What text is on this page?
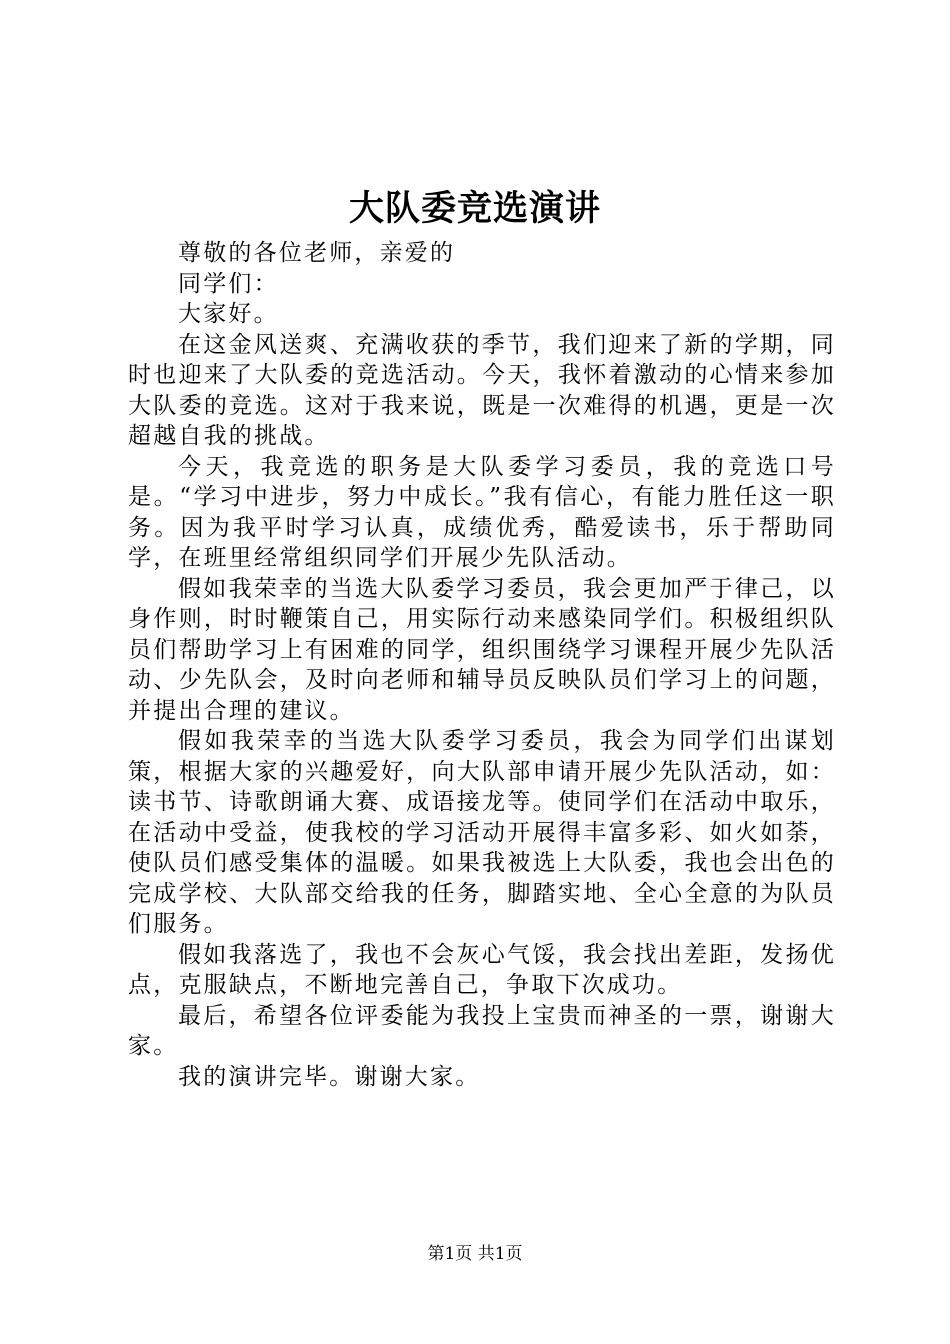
大队委竞选演讲

尊敬的各位老师，亲爱的

同学们：

大家好。

在这金风送爽、充满收获的季节，我们迎来了新的学期，同时也迎来了大队委的竞选活动。今天，我怀着激动的心情来参加大队委的竞选。这对于我来说，既是一次难得的机遇，更是一次超越自我的挑战。

今天，我竞选的职务是大队委学习委员，我的竞选口号是。“学习中进步，努力中成长。”我有信心，有能力胜任这一职务。因为我平时学习认真，成绩优秀，酷爱读书，乐于帮助同学，在班里经常组织同学们开展少先队活动。

假如我荣幸的当选大队委学习委员，我会更加严于律己，以身作则，时时鞭策自己，用实际行动来感染同学们。积极组织队员们帮助学习上有困难的同学，组织围绕学习课程开展少先队活动、少先队会，及时向老师和辅导员反映队员们学习上的问题，并提出合理的建议。

假如我荣幸的当选大队委学习委员，我会为同学们出谋划策，根据大家的兴趣爱好，向大队部申请开展少先队活动，如：读书节、诗歌朗诵大赛、成语接龙等。使同学们在活动中取乐，在活动中受益，使我校的学习活动开展得丰富多彩、如火如荼，使队员们感受集体的温暖。如果我被选上大队委，我也会出色的完成学校、大队部交给我的任务，脚踏实地、全心全意的为队员们服务。

假如我落选了，我也不会灰心气馁，我会找出差距，发扬优点，克服缺点，不断地完善自己，争取下次成功。

最后，希望各位评委能为我投上宝贵而神圣的一票，谢谢大家。

我的演讲完毕。谢谢大家。

第1页 共1页
